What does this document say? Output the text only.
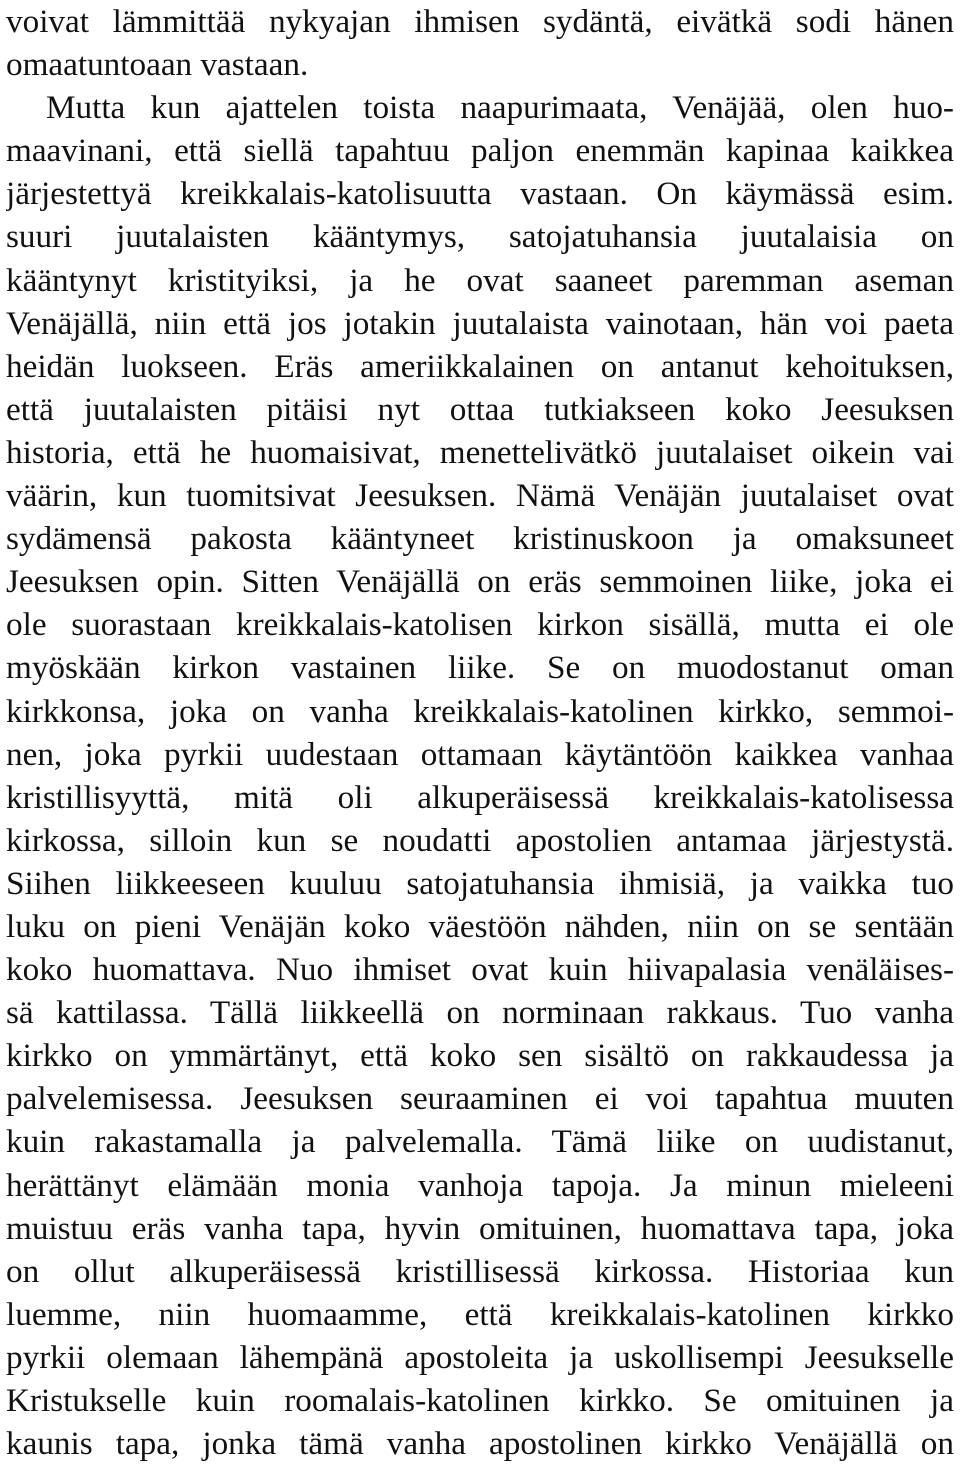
voivat lämmittää nykyajan ihmisen sydäntä, eivätkä sodi hänen
omaatuntoaan vastaan.
Mutta kun ajattelen toista naapurimaata, Venäjää, olen huo-
maavinani, että siellä tapahtuu paljon enemmän kapinaa kaikkea
järjestettyä kreikkalais-katolisuutta vastaan. On käymässä esim.
suuri juutalaisten kääntymys, satojatuhansia juutalaisia on
kääntynyt kristityiksi, ja he ovat saaneet paremman aseman
Venäjällä, niin että jos jotakin juutalaista vainotaan, hän voi paeta
heidän luokseen. Eräs ameriikkalainen on antanut kehoituksen,
että juutalaisten pitäisi nyt ottaa tutkiakseen koko Jeesuksen
historia, että he huomaisivat, menettelivätkö juutalaiset oikein vai
väärin, kun tuomitsivat Jeesuksen. Nämä Venäjän juutalaiset ovat
sydämensä pakosta kääntyneet kristinuskoon ja omaksuneet
Jeesuksen opin. Sitten Venäjällä on eräs semmoinen liike, joka ei
ole suorastaan kreikkalais-katolisen kirkon sisällä, mutta ei ole
myöskään kirkon vastainen liike. Se on muodostanut oman
kirkkonsa, joka on vanha kreikkalais-katolinen kirkko, semmoi-
nen, joka pyrkii uudestaan ottamaan käytäntöön kaikkea vanhaa
kristillisyyttä, mitä oli alkuperäisessä kreikkalais-katolisessa
kirkossa, silloin kun se noudatti apostolien antamaa järjestystä.
Siihen liikkeeseen kuuluu satojatuhansia ihmisiä, ja vaikka tuo
luku on pieni Venäjän koko väestöön nähden, niin on se sentään
koko huomattava. Nuo ihmiset ovat kuin hiivapalasia venäläises-
sä kattilassa. Tällä liikkeellä on norminaan rakkaus. Tuo vanha
kirkko on ymmärtänyt, että koko sen sisältö on rakkaudessa ja
palvelemisessa. Jeesuksen seuraaminen ei voi tapahtua muuten
kuin rakastamalla ja palvelemalla. Tämä liike on uudistanut,
herättänyt elämään monia vanhoja tapoja. Ja minun mieleeni
muistuu eräs vanha tapa, hyvin omituinen, huomattava tapa, joka
on ollut alkuperäisessä kristillisessä kirkossa. Historiaa kun
luemme, niin huomaamme, että kreikkalais-katolinen kirkko
pyrkii olemaan lähempänä apostoleita ja uskollisempi Jeesukselle
Kristukselle kuin roomalais-katolinen kirkko. Se omituinen ja
kaunis tapa, jonka tämä vanha apostolinen kirkko Venäjällä on
